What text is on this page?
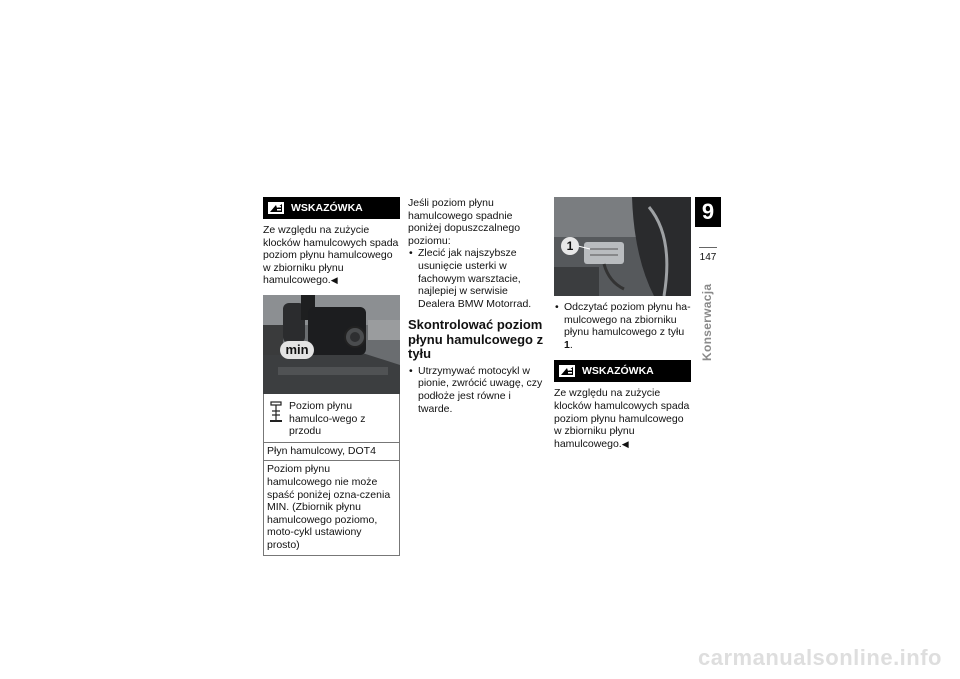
WSKAZÓWKA
Ze względu na zużycie klocków hamulcowych spada poziom płynu hamulcowego w zbiorniku płynu hamulcowego.◀
min
Poziom płynu hamulco-wego z przodu
Płyn hamulcowy, DOT4
Poziom płynu hamulcowego nie może spaść poniżej ozna-czenia MIN. (Zbiornik płynu hamulcowego poziomo, moto-cykl ustawiony prosto)
Jeśli poziom płynu hamulcowego spadnie poniżej dopuszczalnego poziomu:
• Zlecić jak najszybsze usunięcie usterki w fachowym warsztacie, najlepiej w serwisie Dealera BMW Motorrad.
Skontrolować poziom płynu hamulcowego z tyłu
• Utrzymywać motocykl w pionie, zwrócić uwagę, czy podłoże jest równe i twarde.
1
• Odczytać poziom płynu ha-mulcowego na zbiorniku płynu hamulcowego z tyłu 1.
WSKAZÓWKA
Ze względu na zużycie klocków hamulcowych spada poziom płynu hamulcowego w zbiorniku płynu hamulcowego.◀
9
147
Konserwacja
carmanualsonline.info
